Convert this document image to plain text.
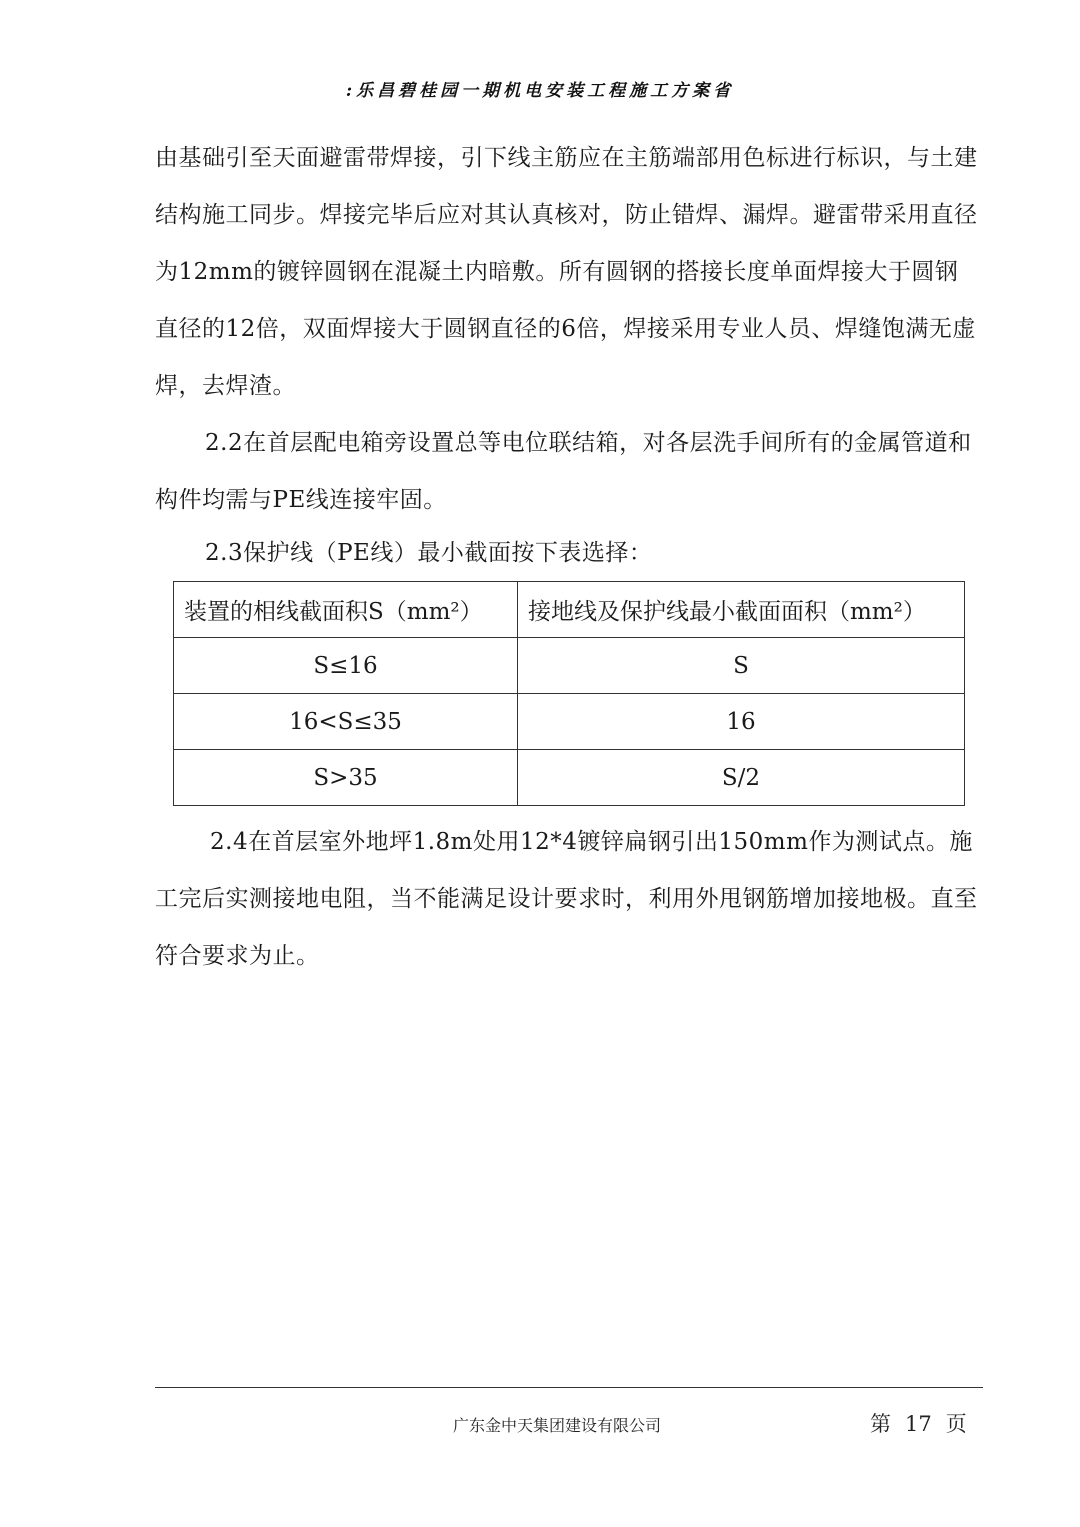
:乐昌碧桂园一期机电安装工程施工方案省

由基础引至天面避雷带焊接，引下线主筋应在主筋端部用色标进行标识，与土建结构施工同步。焊接完毕后应对其认真核对，防止错焊、漏焊。避雷带采用直径为12mm的镀锌圆钢在混凝土内暗敷。所有圆钢的搭接长度单面焊接大于圆钢直径的12倍，双面焊接大于圆钢直径的6倍，焊接采用专业人员、焊缝饱满无虚焊，去焊渣。

2.2在首层配电箱旁设置总等电位联结箱，对各层洗手间所有的金属管道和构件均需与PE线连接牢固。

2.3保护线（PE线）最小截面按下表选择：

装置的相线截面积S（mm²）	接地线及保护线最小截面面积（mm²）
S≤16	S
16<S≤35	16
S>35	S/2

2.4在首层室外地坪1.8m处用12*4镀锌扁钢引出150mm作为测试点。施工完后实测接地电阻，当不能满足设计要求时，利用外甩钢筋增加接地极。直至符合要求为止。

广东金中天集团建设有限公司	第 17 页
